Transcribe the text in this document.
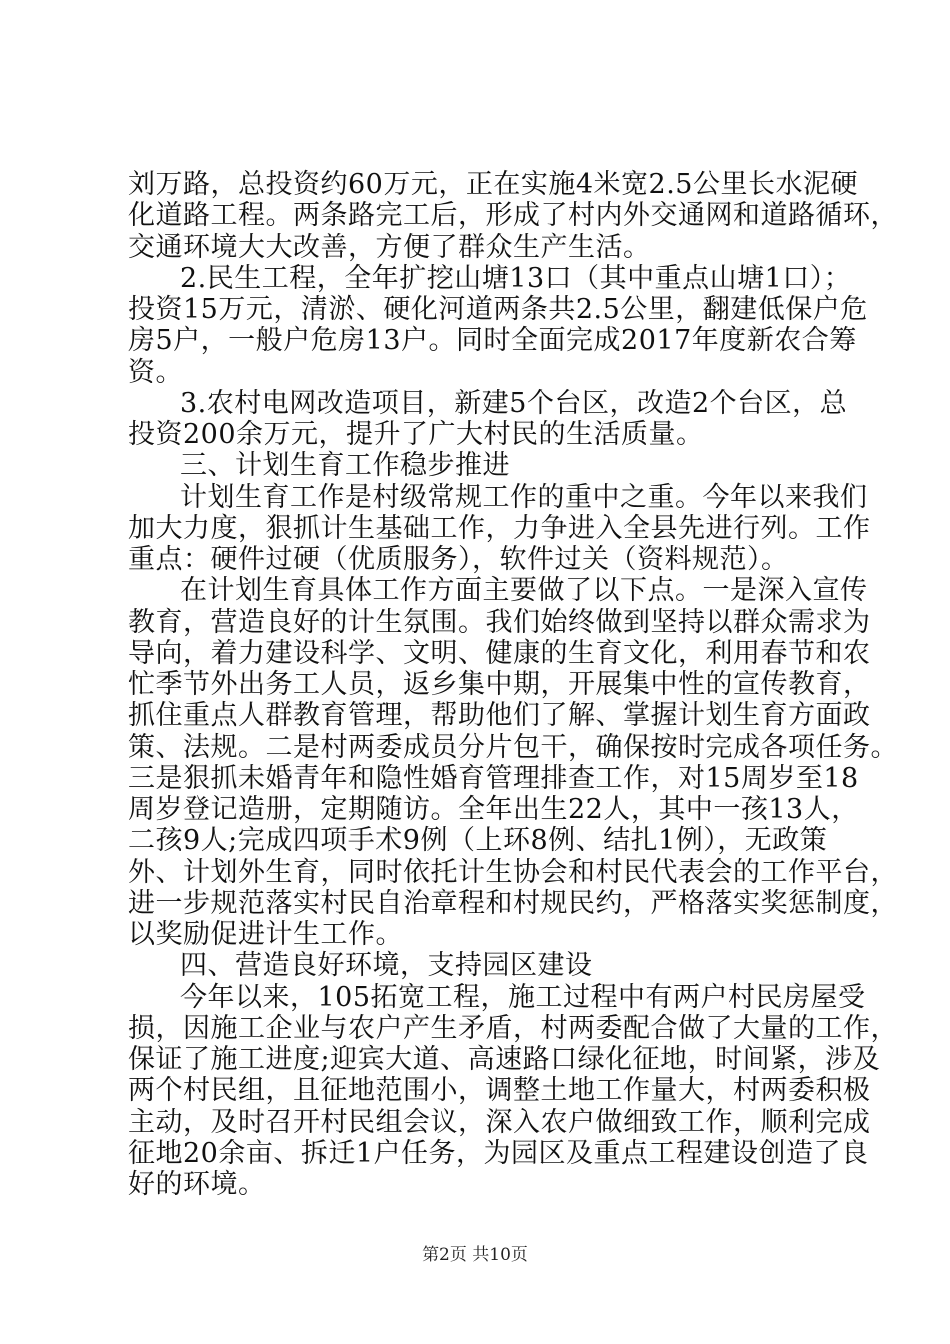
刘万路，总投资约60万元，正在实施4米宽2.5公里长水泥硬
化道路工程。两条路完工后，形成了村内外交通网和道路循环，
交通环境大大改善，方便了群众生产生活。
2.民生工程，全年扩挖山塘13口（其中重点山塘1口）；
投资15万元，清淤、硬化河道两条共2.5公里，翻建低保户危
房5户，一般户危房13户。同时全面完成2017年度新农合筹
资。
3.农村电网改造项目，新建5个台区，改造2个台区，总
投资200余万元，提升了广大村民的生活质量。
三、计划生育工作稳步推进
计划生育工作是村级常规工作的重中之重。今年以来我们
加大力度，狠抓计生基础工作，力争进入全县先进行列。工作
重点：硬件过硬（优质服务），软件过关（资料规范）。
在计划生育具体工作方面主要做了以下点。一是深入宣传
教育，营造良好的计生氛围。我们始终做到坚持以群众需求为
导向，着力建设科学、文明、健康的生育文化，利用春节和农
忙季节外出务工人员，返乡集中期，开展集中性的宣传教育，
抓住重点人群教育管理，帮助他们了解、掌握计划生育方面政
策、法规。二是村两委成员分片包干，确保按时完成各项任务。
三是狠抓未婚青年和隐性婚育管理排查工作，对15周岁至18
周岁登记造册，定期随访。全年出生22人，其中一孩13人，
二孩9人;完成四项手术9例（上环8例、结扎1例），无政策
外、计划外生育，同时依托计生协会和村民代表会的工作平台，
进一步规范落实村民自治章程和村规民约，严格落实奖惩制度，
以奖励促进计生工作。
四、营造良好环境，支持园区建设
今年以来，105拓宽工程，施工过程中有两户村民房屋受
损，因施工企业与农户产生矛盾，村两委配合做了大量的工作，
保证了施工进度;迎宾大道、高速路口绿化征地，时间紧，涉及
两个村民组，且征地范围小，调整土地工作量大，村两委积极
主动，及时召开村民组会议，深入农户做细致工作，顺利完成
征地20余亩、拆迁1户任务，为园区及重点工程建设创造了良
好的环境。
第2页 共10页
